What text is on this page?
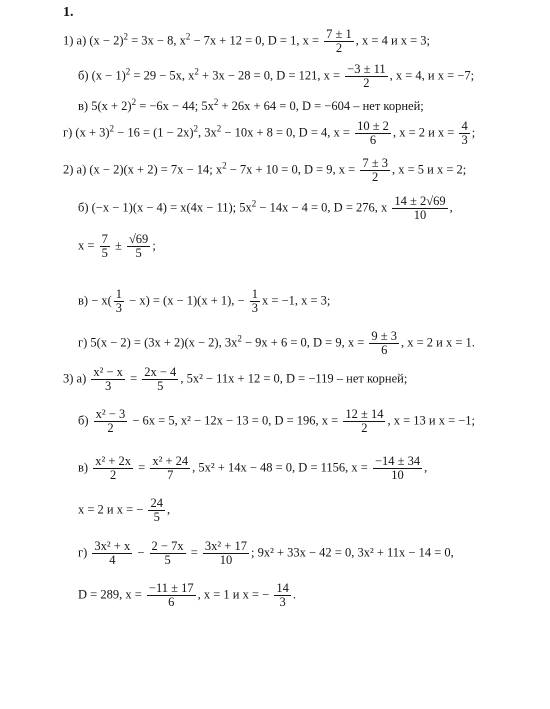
1.
1) а) $(x - 2)^2 = 3x - 8$, $x^2 - 7x + 12 = 0$, D = 1, $x = \frac{7 \pm 1}{2}$ , x = 4 и x = 3;
б) $(x - 1)^2 = 29 - 5x$, $x^2 + 3x - 28 = 0$, D = 121, $x = \frac{-3 \pm 11}{2}$ , x = 4, и x = −7;
в) $5(x + 2)^2 = -6x - 44$; $5x^2 + 26x + 64 = 0$, D = −604 – нет корней;
г) $(x + 3)^2 - 16 = (1 - 2x)^2$, $3x^2 - 10x + 8 = 0$, D = 4, $x = \frac{10 \pm 2}{6}$ , x = 2 и $x = \frac{4}{3}$ ;
2) а) (x − 2)(x + 2) = 7x − 14; $x^2 - 7x + 10 = 0$, D = 9, $x = \frac{7 \pm 3}{2}$ , x = 5 и x = 2;
б) (−x − 1)(x − 4) = x(4x − 11); $5x^2 - 14x - 4 = 0$, D = 276, x $\frac{14 \pm 2√69}{10}$ ,
$x = \frac{7}{5} \pm \frac{√69}{5}$ ;
$в) - x( \frac{1}{3} - x) = (x - 1)(x + 1)$, − $\frac{1}{3}$ x = −1, x = 3;
г) 5(x − 2) = (3x + 2)(x − 2), $3x^2 - 9x + 6 = 0$, D = 9, $x = \frac{9 \pm 3}{6}$ , x = 2 и x = 1.
3) $а) \frac{\text{x² − x}}{3} = \frac{2x - 4}{5}$ , 5x² − 11x + 12 = 0, D = −119 – нет корней;
$б) \frac{\text{x² − 3}}{2} - 6x = 5$, x² − 12x − 13 = 0, D = 196, $x = \frac{12 \pm 14}{2}$ , x = 13 и x = −1;
$в) \frac{\text{x² + 2x}}{2} = \frac{\text{x² + 24}}{7}$ , 5x² + 14x − 48 = 0, D = 1156, $x = \frac{-14 \pm 34}{10}$ ,
x = 2 и x = − $\frac{24}{5}$ ,
$г) \frac{\text{3x² + x}}{4} - \frac{2 - 7x}{5} = \frac{\text{3x² + 17}}{10}$ ; 9x² + 33x − 42 = 0, 3x² + 11x − 14 = 0,
D = 289, $x = \frac{-11 \pm 17}{6}$ , x = 1 и x = − $\frac{14}{3}$ .
